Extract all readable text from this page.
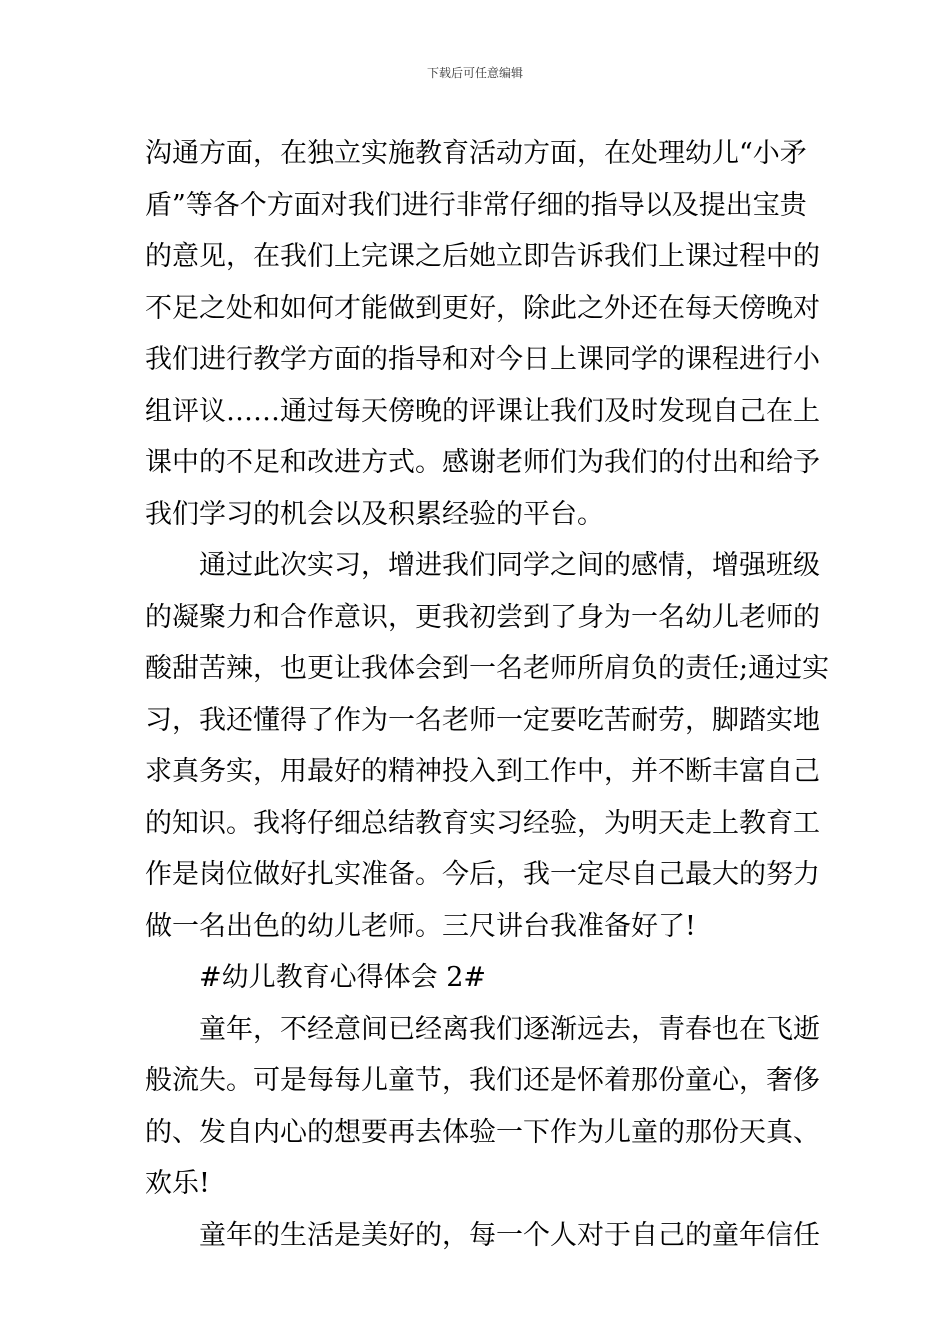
下载后可任意编辑
沟通方面，在独立实施教育活动方面，在处理幼儿“小矛
盾”等各个方面对我们进行非常仔细的指导以及提出宝贵
的意见，在我们上完课之后她立即告诉我们上课过程中的
不足之处和如何才能做到更好，除此之外还在每天傍晚对
我们进行教学方面的指导和对今日上课同学的课程进行小
组评议……通过每天傍晚的评课让我们及时发现自己在上
课中的不足和改进方式。感谢老师们为我们的付出和给予
我们学习的机会以及积累经验的平台。
通过此次实习，增进我们同学之间的感情，增强班级
的凝聚力和合作意识，更我初尝到了身为一名幼儿老师的
酸甜苦辣，也更让我体会到一名老师所肩负的责任;通过实
习，我还懂得了作为一名老师一定要吃苦耐劳，脚踏实地
求真务实，用最好的精神投入到工作中，并不断丰富自己
的知识。我将仔细总结教育实习经验，为明天走上教育工
作是岗位做好扎实准备。今后，我一定尽自己最大的努力
做一名出色的幼儿老师。三尺讲台我准备好了!
#幼儿教育心得体会 2#
童年，不经意间已经离我们逐渐远去，青春也在飞逝
般流失。可是每每儿童节，我们还是怀着那份童心，奢侈
的、发自内心的想要再去体验一下作为儿童的那份天真、
欢乐!
童年的生活是美好的，每一个人对于自己的童年信任
